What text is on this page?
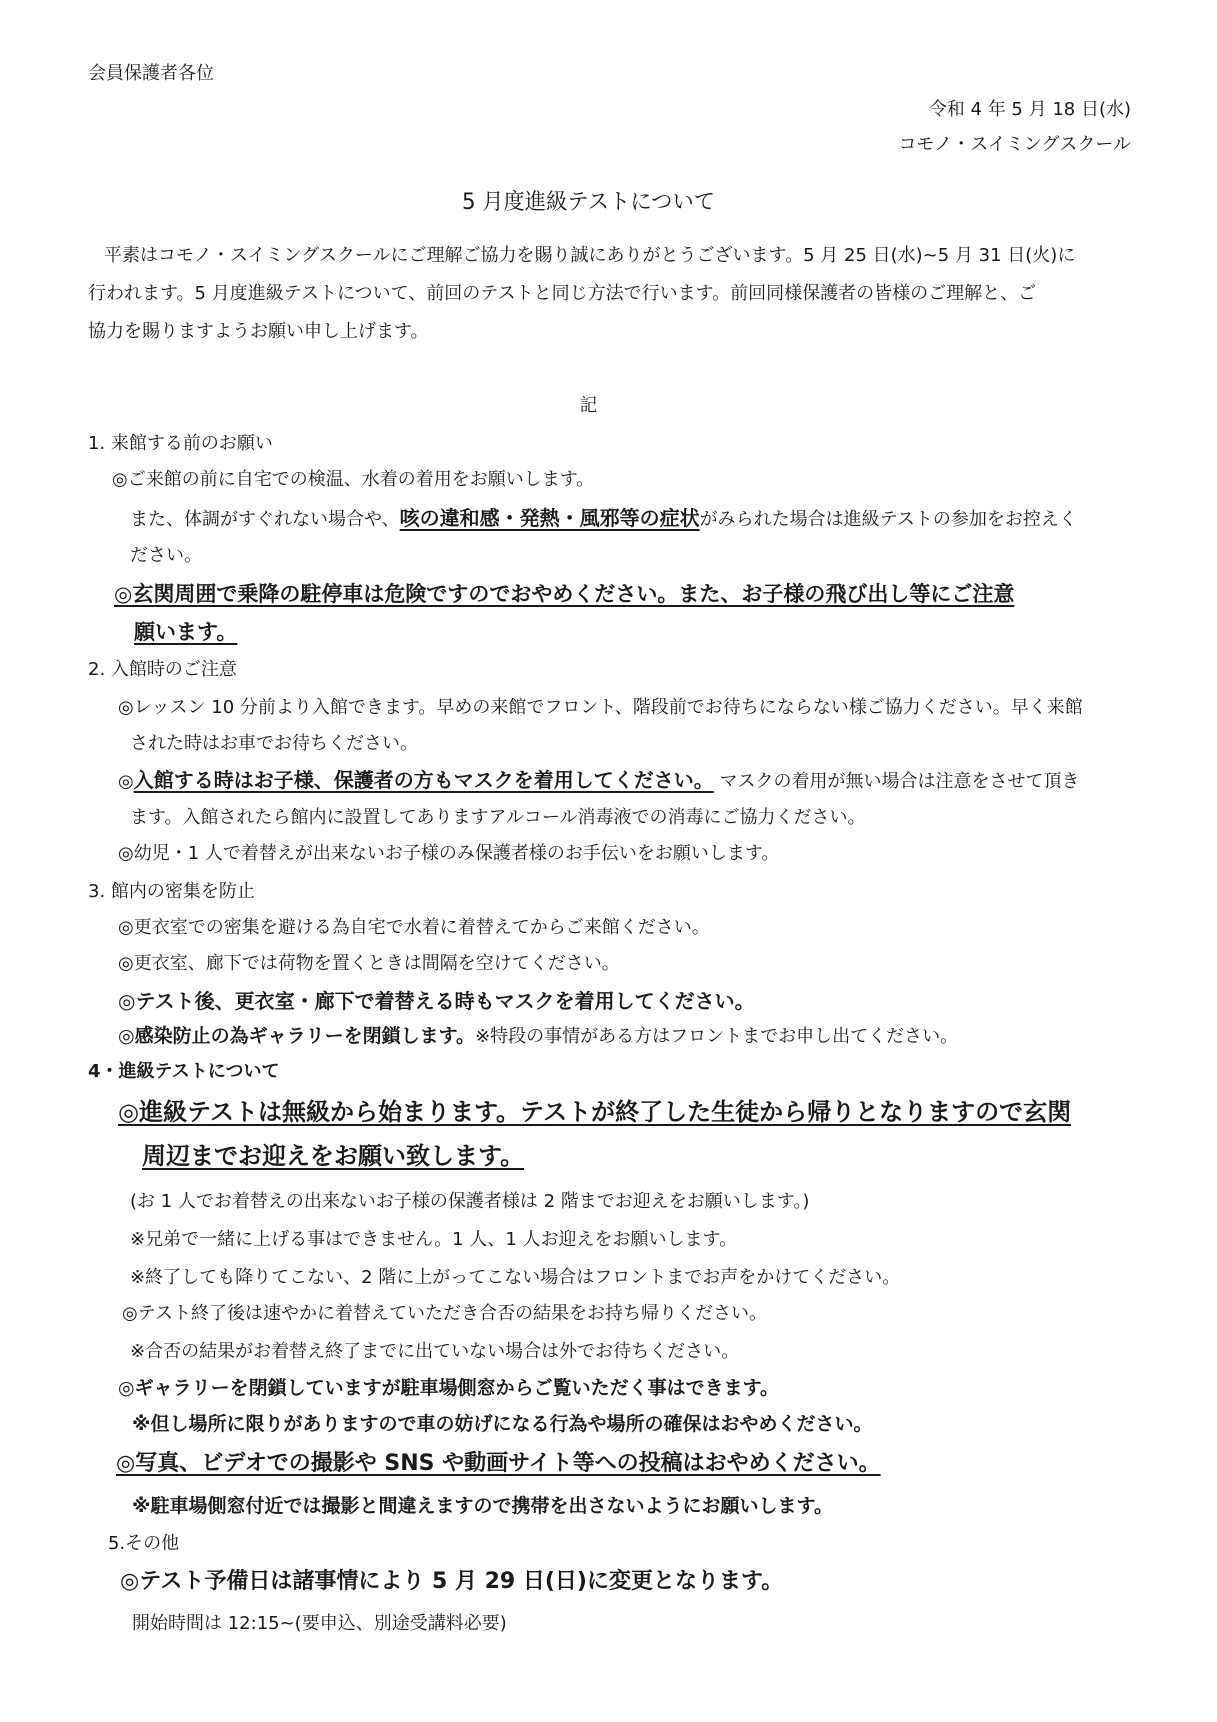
会員保護者各位
令和 4 年 5 月 18 日(水)
コモノ・スイミングスクール
5 月度進級テストについて
平素はコモノ・スイミングスクールにご理解ご協力を賜り誠にありがとうございます。5 月 25 日(水)~5 月 31 日(火)に
行われます。5 月度進級テストについて、前回のテストと同じ方法で行います。前回同様保護者の皆様のご理解と、ご
協力を賜りますようお願い申し上げます。
記
1. 来館する前のお願い
◎ご来館の前に自宅での検温、水着の着用をお願いします。
また、体調がすぐれない場合や、咳の違和感・発熱・風邪等の症状がみられた場合は進級テストの参加をお控えく
ださい。
◎玄関周囲で乗降の駐停車は危険ですのでおやめください。また、お子様の飛び出し等にご注意
願います。
2. 入館時のご注意
◎レッスン 10 分前より入館できます。早めの来館でフロント、階段前でお待ちにならない様ご協力ください。早く来館
された時はお車でお待ちください。
◎入館する時はお子様、保護者の方もマスクを着用してください。 マスクの着用が無い場合は注意をさせて頂き
ます。入館されたら館内に設置してありますアルコール消毒液での消毒にご協力ください。
◎幼児・1 人で着替えが出来ないお子様のみ保護者様のお手伝いをお願いします。
3. 館内の密集を防止
◎更衣室での密集を避ける為自宅で水着に着替えてからご来館ください。
◎更衣室、廊下では荷物を置くときは間隔を空けてください。
◎テスト後、更衣室・廊下で着替える時もマスクを着用してください。
◎感染防止の為ギャラリーを閉鎖します。※特段の事情がある方はフロントまでお申し出てください。
4・進級テストについて
◎進級テストは無級から始まります。テストが終了した生徒から帰りとなりますので玄関
周辺までお迎えをお願い致します。
(お 1 人でお着替えの出来ないお子様の保護者様は 2 階までお迎えをお願いします。)
※兄弟で一緒に上げる事はできません。1 人、1 人お迎えをお願いします。
※終了しても降りてこない、2 階に上がってこない場合はフロントまでお声をかけてください。
◎テスト終了後は速やかに着替えていただき合否の結果をお持ち帰りください。
※合否の結果がお着替え終了までに出ていない場合は外でお待ちください。
◎ギャラリーを閉鎖していますが駐車場側窓からご覧いただく事はできます。
※但し場所に限りがありますので車の妨げになる行為や場所の確保はおやめください。
◎写真、ビデオでの撮影や SNS や動画サイト等への投稿はおやめください。
※駐車場側窓付近では撮影と間違えますので携帯を出さないようにお願いします。
5.その他
◎テスト予備日は諸事情により 5 月 29 日(日)に変更となります。
開始時間は 12:15~(要申込、別途受講料必要)
